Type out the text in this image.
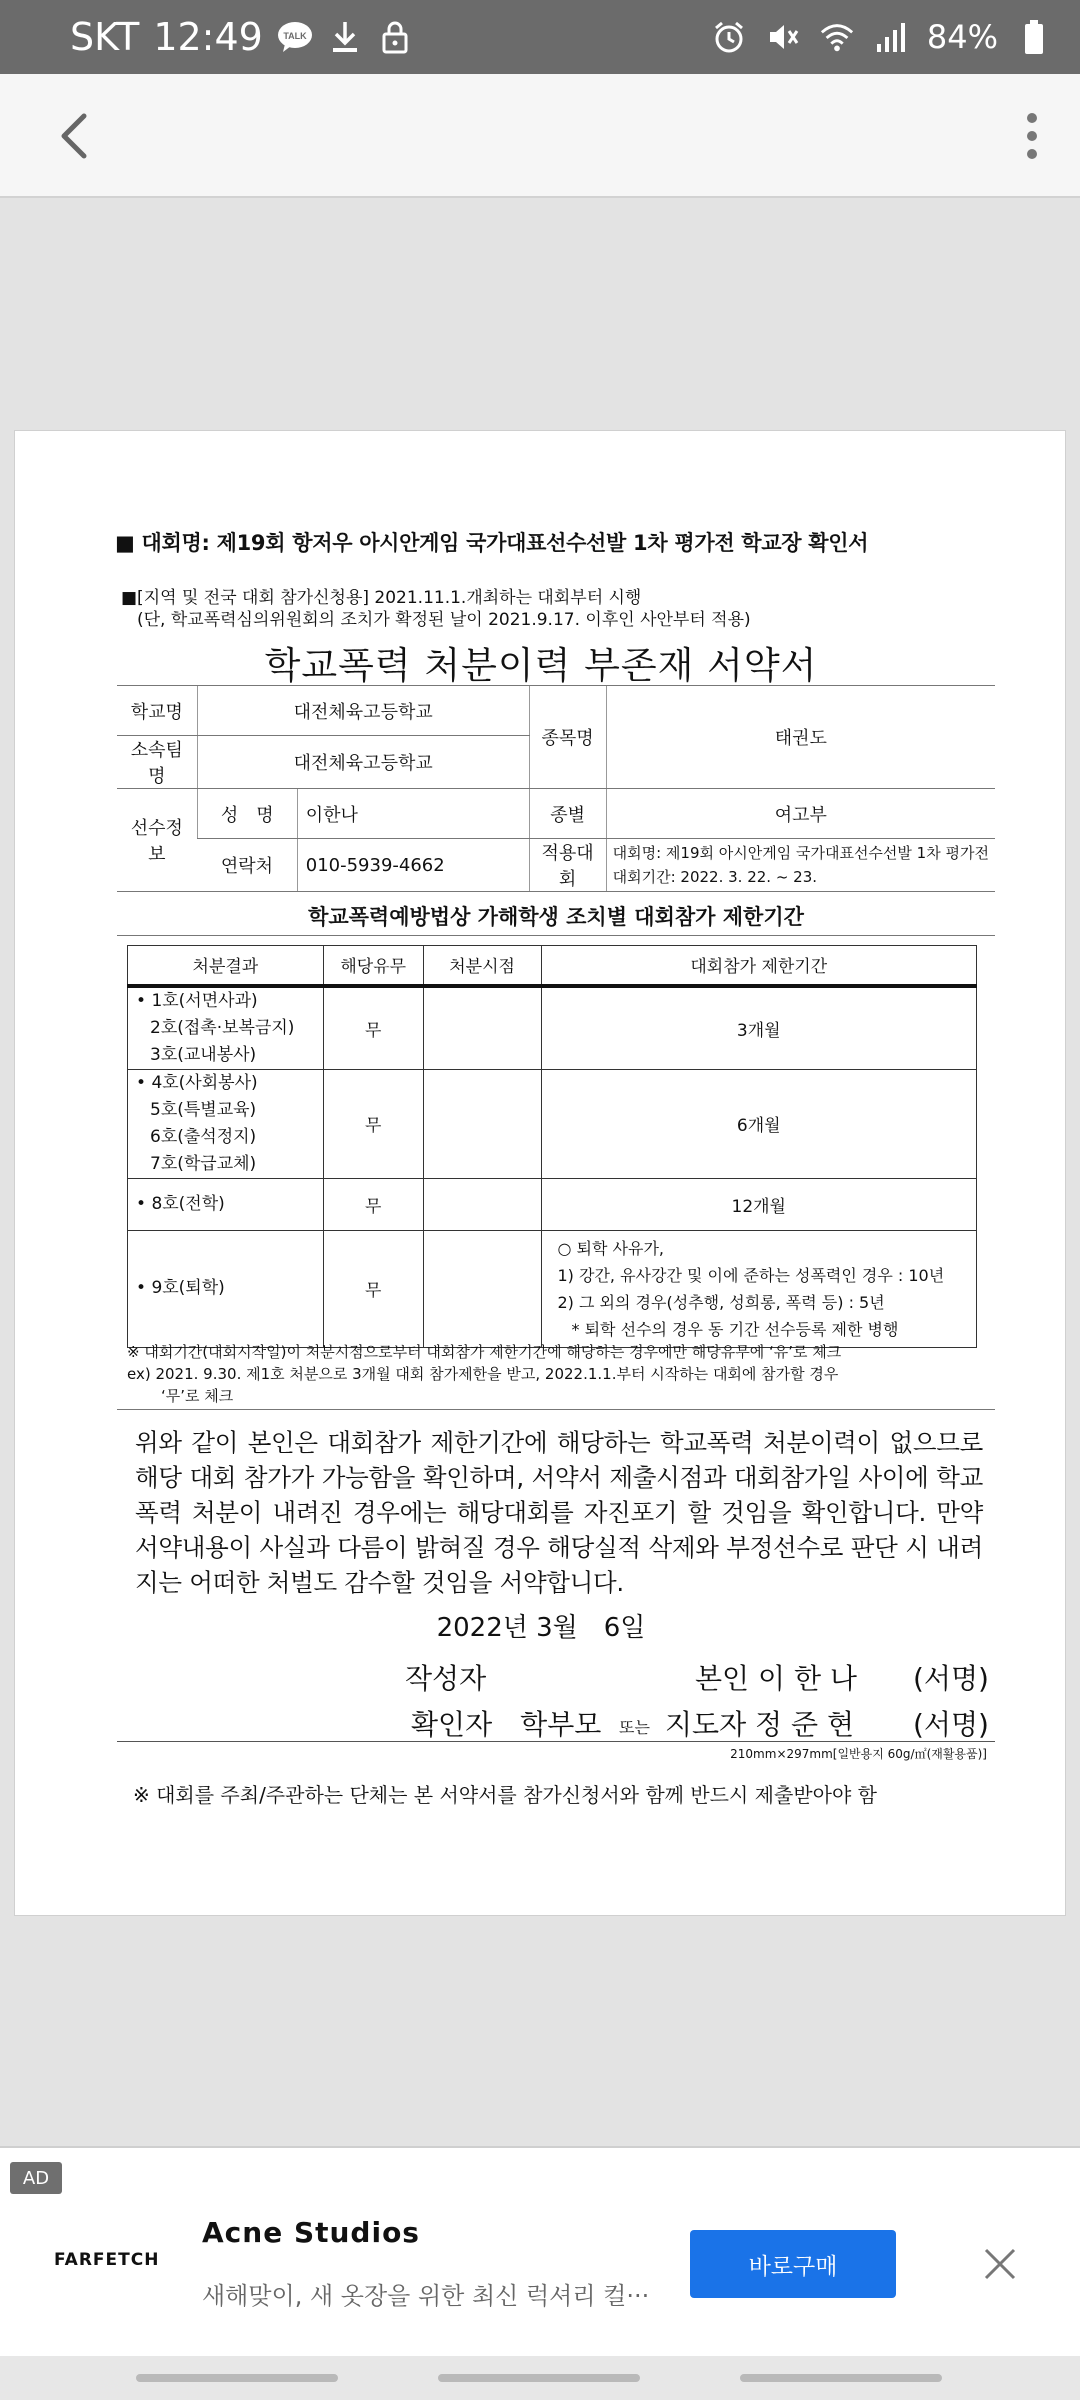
SKT 12:49 TALK	84%
■ 대회명: 제19회 항저우 아시안게임 국가대표선수선발 1차 평가전 학교장 확인서
■[지역 및 전국 대회 참가신청용] 2021.11.1.개최하는 대회부터 시행
(단, 학교폭력심의위원회의 조치가 확정된 날이 2021.9.17. 이후인 사안부터 적용)
학교폭력 처분이력 부존재 서약서
학교명	대전체육고등학교		종목명	태권도
소속팀명	대전체육고등학교			
선수정보	성　명	이한나	종별	여고부
	연락처	010-5939-4662	적용대회	대회명: 제19회 아시안게임 국가대표선수선발 1차 평가전
대회기간: 2022. 3. 22. ~ 23.
학교폭력예방법상 가해학생 조치별 대회참가 제한기간
처분결과	해당유무	처분시점	대회참가 제한기간

• 1호(서면사과)
2호(접촉·보복금지)
3호(교내봉사)	무		3개월

• 4호(사회봉사)
5호(특별교육)
6호(출석정지)
7호(학급교체)	무		6개월

• 8호(전학)	무		12개월

• 9호(퇴학)	무		○ 퇴학 사유가,
1) 강간, 유사강간 및 이에 준하는 성폭력인 경우 : 10년
2) 그 외의 경우(성추행, 성희롱, 폭력 등) : 5년
* 퇴학 선수의 경우 동 기간 선수등록 제한 병행
※ 대회기간(대회시작일)이 처분시점으로부터 대회참가 제한기간에 해당하는 경우에만 해당유무에 ‘유’로 체크
ex) 2021. 9.30. 제1호 처분으로 3개월 대회 참가제한을 받고, 2022.1.1.부터 시작하는 대회에 참가할 경우
‘무’로 체크
위와 같이 본인은 대회참가 제한기간에 해당하는 학교폭력 처분이력이 없으므로 해당 대회 참가가 가능함을 확인하며, 서약서 제출시점과 대회참가일 사이에 학교폭력 처분이 내려진 경우에는 해당대회를 자진포기 할 것임을 확인합니다. 만약 서약내용이 사실과 다름이 밝혀질 경우 해당실적 삭제와 부정선수로 판단 시 내려지는 어떠한 처벌도 감수할 것임을 서약합니다.
2022년 3월　6일
작성자	본인 이 한 나 (서명)
확인자　학부모 또는 지도자 정 준 현 (서명)
210mm×297mm[일반용지 60g/㎡(재활용품)]
※ 대회를 주최/주관하는 단체는 본 서약서를 참가신청서와 함께 반드시 제출받아야 함
AD
FARFETCH
Acne Studios
새해맞이, 새 옷장을 위한 최신 럭셔리 컬···
바로구매
